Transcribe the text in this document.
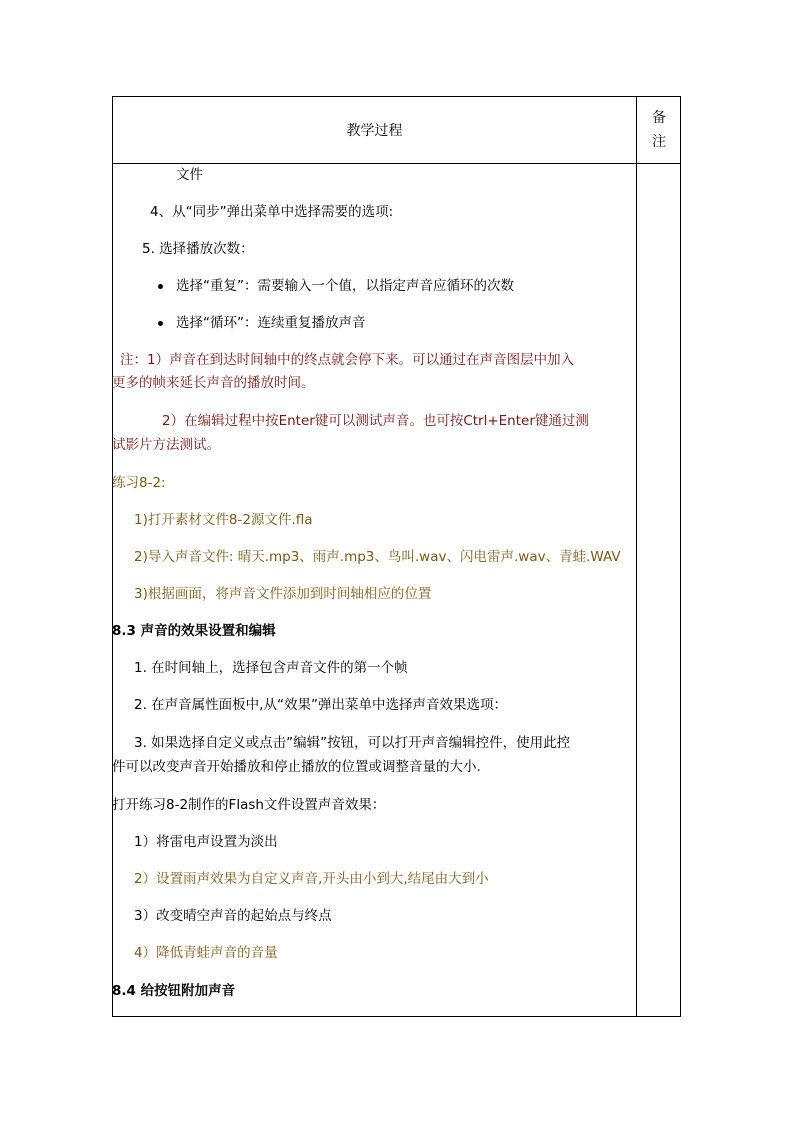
教学过程
备
注
文件
4、从“同步”弹出菜单中选择需要的选项:
5. 选择播放次数：
选择“重复”：需要输入一个值，以指定声音应循环的次数
选择“循环”：连续重复播放声音
注：1）声音在到达时间轴中的终点就会停下来。可以通过在声音图层中加入
更多的帧来延长声音的播放时间。
2）在编辑过程中按Enter键可以测试声音。也可按Ctrl+Enter键通过测
试影片方法测试。
练习8-2:
1)打开素材文件8-2源文件.fla
2)导入声音文件: 晴天.mp3、雨声.mp3、鸟叫.wav、闪电雷声.wav、青蛙.WAV
3)根据画面，将声音文件添加到时间轴相应的位置
8.3 声音的效果设置和编辑
1. 在时间轴上，选择包含声音文件的第一个帧
2. 在声音属性面板中,从“效果”弹出菜单中选择声音效果选项：
3. 如果选择自定义或点击”编辑”按钮，可以打开声音编辑控件，使用此控
件可以改变声音开始播放和停止播放的位置或调整音量的大小.
打开练习8-2制作的Flash文件设置声音效果：
1）将雷电声设置为淡出
2）设置雨声效果为自定义声音,开头由小到大,结尾由大到小
3）改变晴空声音的起始点与终点
4）降低青蛙声音的音量
8.4 给按钮附加声音
